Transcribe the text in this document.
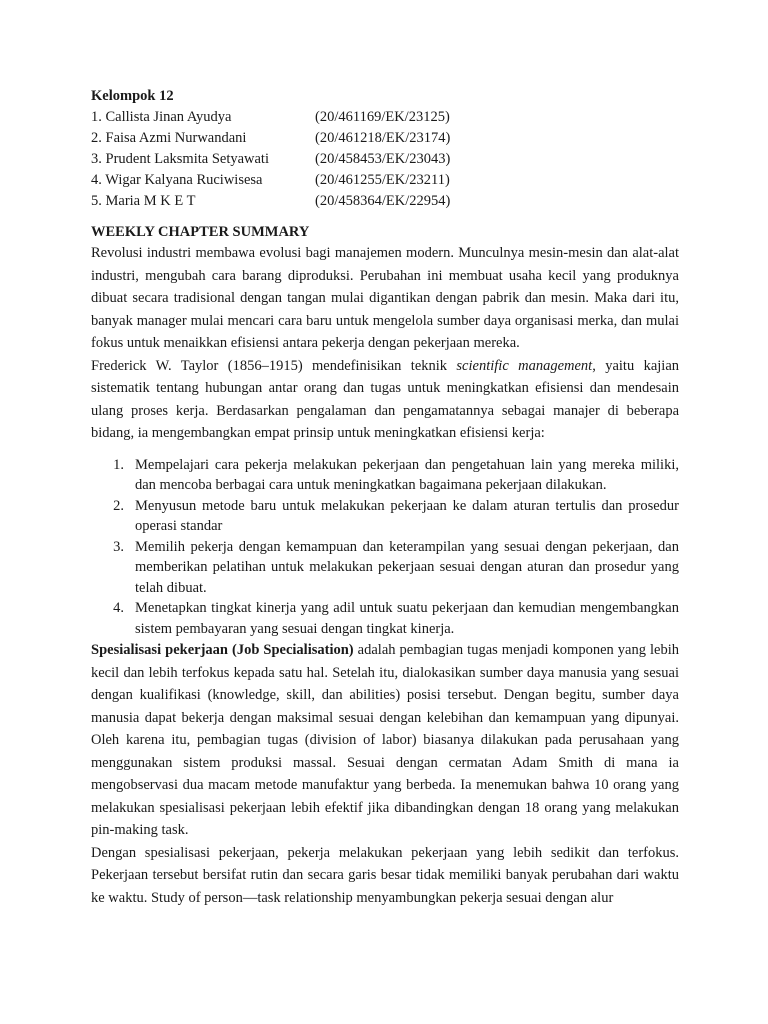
Kelompok 12
1. Callista Jinan Ayudya	(20/461169/EK/23125)
2. Faisa Azmi Nurwandani	(20/461218/EK/23174)
3. Prudent Laksmita Setyawati	(20/458453/EK/23043)
4. Wigar Kalyana Ruciwisesa	(20/461255/EK/23211)
5. Maria M K E T	(20/458364/EK/22954)
WEEKLY CHAPTER SUMMARY

Revolusi industri membawa evolusi bagi manajemen modern. Munculnya mesin-mesin dan alat-alat industri, mengubah cara barang diproduksi. Perubahan ini membuat usaha kecil yang produknya dibuat secara tradisional dengan tangan mulai digantikan dengan pabrik dan mesin. Maka dari itu, banyak manager mulai mencari cara baru untuk mengelola sumber daya organisasi merka, dan mulai fokus untuk menaikkan efisiensi antara pekerja dengan pekerjaan mereka.

Frederick W. Taylor (1856–1915) mendefinisikan teknik scientific management, yaitu kajian sistematik tentang hubungan antar orang dan tugas untuk meningkatkan efisiensi dan mendesain ulang proses kerja. Berdasarkan pengalaman dan pengamatannya sebagai manajer di beberapa bidang, ia mengembangkan empat prinsip untuk meningkatkan efisiensi kerja:

1. Mempelajari cara pekerja melakukan pekerjaan dan pengetahuan lain yang mereka miliki, dan mencoba berbagai cara untuk meningkatkan bagaimana pekerjaan dilakukan.
2. Menyusun metode baru untuk melakukan pekerjaan ke dalam aturan tertulis dan prosedur operasi standar
3. Memilih pekerja dengan kemampuan dan keterampilan yang sesuai dengan pekerjaan, dan memberikan pelatihan untuk melakukan pekerjaan sesuai dengan aturan dan prosedur yang telah dibuat.
4. Menetapkan tingkat kinerja yang adil untuk suatu pekerjaan dan kemudian mengembangkan sistem pembayaran yang sesuai dengan tingkat kinerja.

Spesialisasi pekerjaan (Job Specialisation) adalah pembagian tugas menjadi komponen yang lebih kecil dan lebih terfokus kepada satu hal. Setelah itu, dialokasikan sumber daya manusia yang sesuai dengan kualifikasi (knowledge, skill, dan abilities) posisi tersebut. Dengan begitu, sumber daya manusia dapat bekerja dengan maksimal sesuai dengan kelebihan dan kemampuan yang dipunyai. Oleh karena itu, pembagian tugas (division of labor) biasanya dilakukan pada perusahaan yang menggunakan sistem produksi massal. Sesuai dengan cermatan Adam Smith di mana ia mengobservasi dua macam metode manufaktur yang berbeda. Ia menemukan bahwa 10 orang yang melakukan spesialisasi pekerjaan lebih efektif jika dibandingkan dengan 18 orang yang melakukan pin-making task.

Dengan spesialisasi pekerjaan, pekerja melakukan pekerjaan yang lebih sedikit dan terfokus. Pekerjaan tersebut bersifat rutin dan secara garis besar tidak memiliki banyak perubahan dari waktu ke waktu. Study of person—task relationship menyambungkan pekerja sesuai dengan alur
